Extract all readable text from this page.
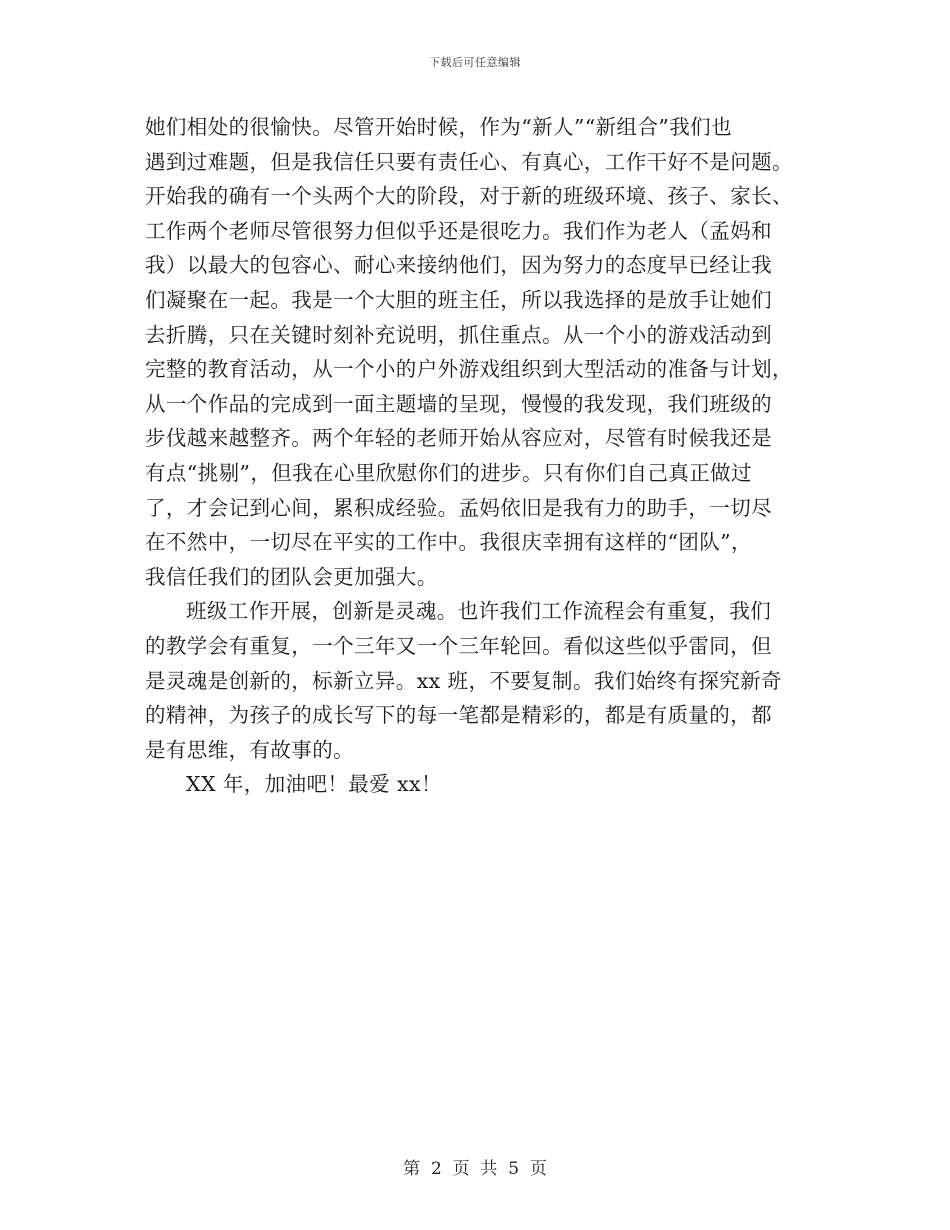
下载后可任意编辑
她们相处的很愉快。尽管开始时候，作为“新人”“新组合”我们也
遇到过难题，但是我信任只要有责任心、有真心，工作干好不是问题。
开始我的确有一个头两个大的阶段，对于新的班级环境、孩子、家长、
工作两个老师尽管很努力但似乎还是很吃力。我们作为老人（孟妈和
我）以最大的包容心、耐心来接纳他们，因为努力的态度早已经让我
们凝聚在一起。我是一个大胆的班主任，所以我选择的是放手让她们
去折腾，只在关键时刻补充说明，抓住重点。从一个小的游戏活动到
完整的教育活动，从一个小的户外游戏组织到大型活动的准备与计划，
从一个作品的完成到一面主题墙的呈现，慢慢的我发现，我们班级的
步伐越来越整齐。两个年轻的老师开始从容应对，尽管有时候我还是
有点“挑剔”，但我在心里欣慰你们的进步。只有你们自己真正做过
了，才会记到心间，累积成经验。孟妈依旧是我有力的助手，一切尽
在不然中，一切尽在平实的工作中。我很庆幸拥有这样的“团队”，
我信任我们的团队会更加强大。
班级工作开展，创新是灵魂。也许我们工作流程会有重复，我们
的教学会有重复，一个三年又一个三年轮回。看似这些似乎雷同，但
是灵魂是创新的，标新立异。xx 班，不要复制。我们始终有探究新奇
的精神，为孩子的成长写下的每一笔都是精彩的，都是有质量的，都
是有思维，有故事的。
XX 年，加油吧！最爱 xx！
第  2  页  共  5  页
